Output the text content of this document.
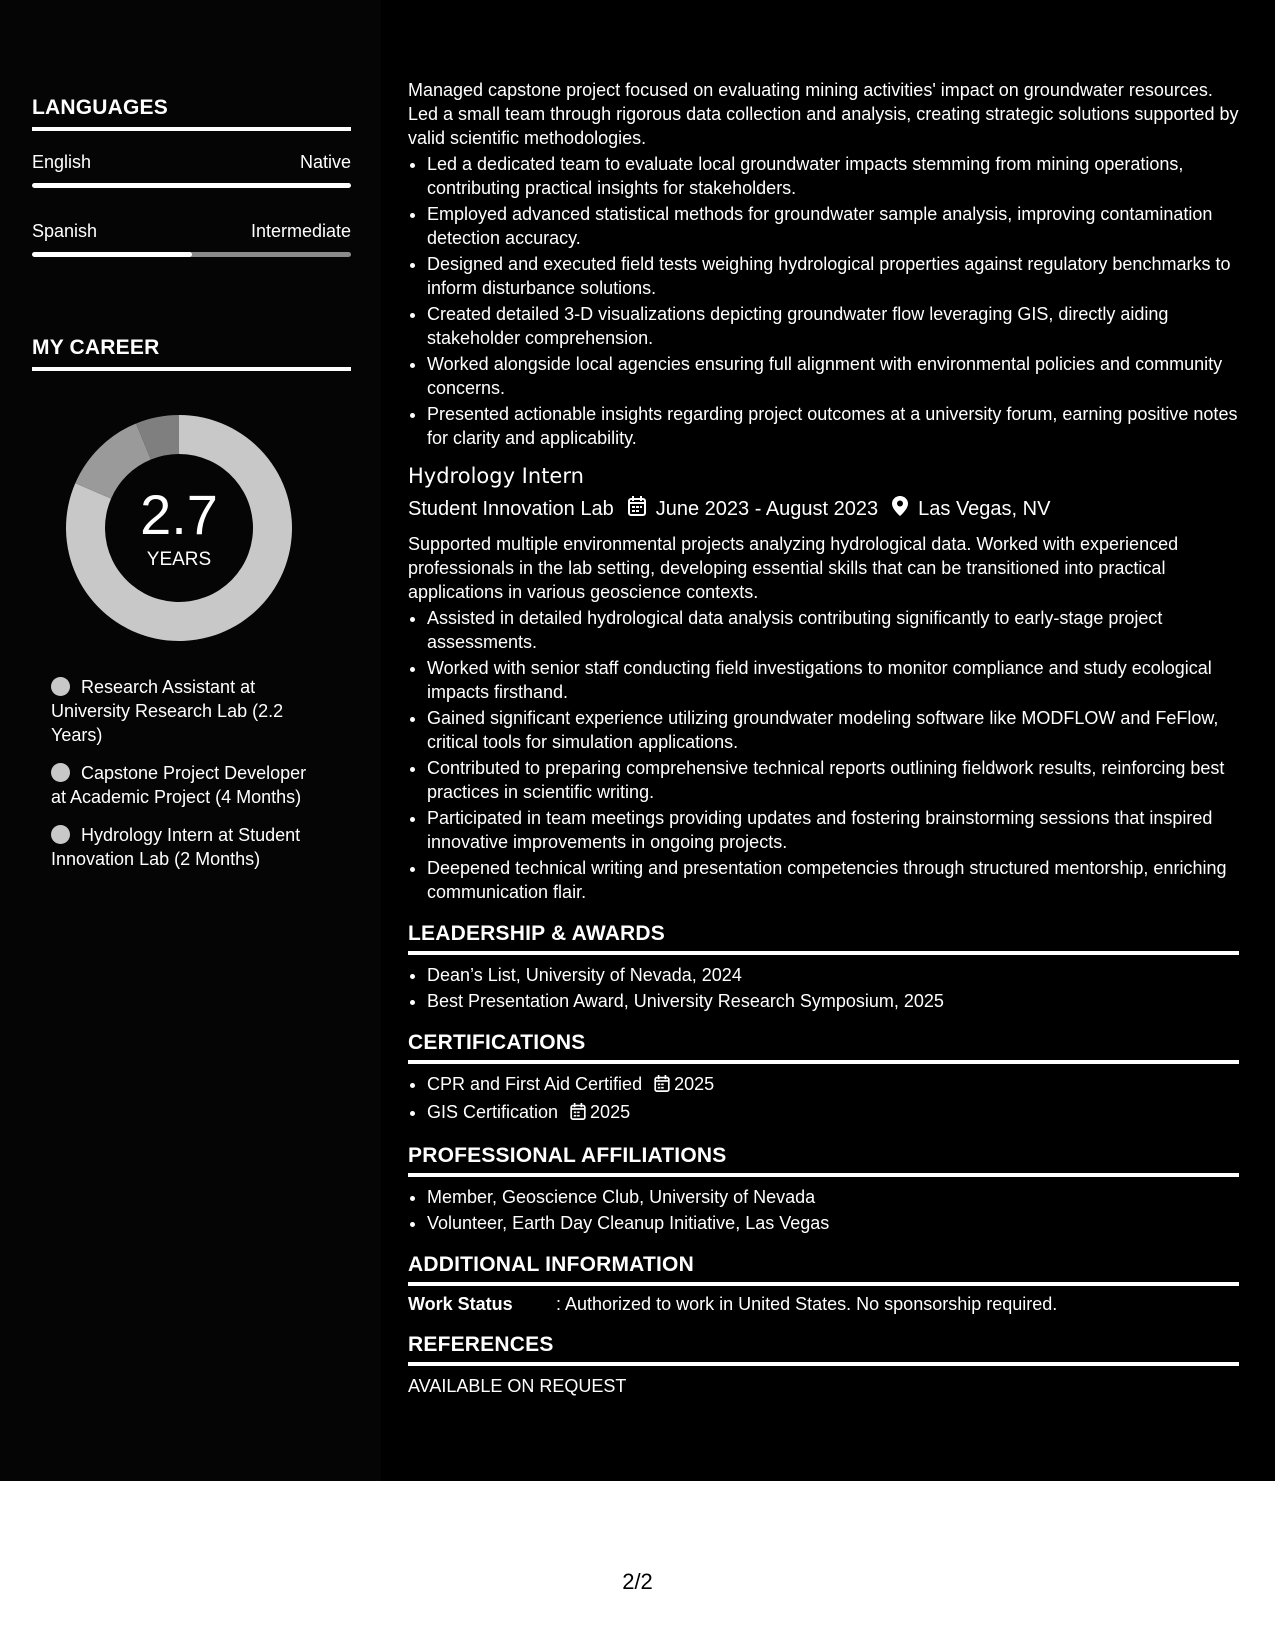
LANGUAGES
English	Native
Spanish	Intermediate
MY CAREER
2.7
YEARS
Research Assistant at University Research Lab (2.2 Years)
Capstone Project Developer at Academic Project (4 Months)
Hydrology Intern at Student Innovation Lab (2 Months)

Managed capstone project focused on evaluating mining activities' impact on groundwater resources. Led a small team through rigorous data collection and analysis, creating strategic solutions supported by valid scientific methodologies.

• Led a dedicated team to evaluate local groundwater impacts stemming from mining operations, contributing practical insights for stakeholders.
• Employed advanced statistical methods for groundwater sample analysis, improving contamination detection accuracy.
• Designed and executed field tests weighing hydrological properties against regulatory benchmarks to inform disturbance solutions.
• Created detailed 3-D visualizations depicting groundwater flow leveraging GIS, directly aiding stakeholder comprehension.
• Worked alongside local agencies ensuring full alignment with environmental policies and community concerns.
• Presented actionable insights regarding project outcomes at a university forum, earning positive notes for clarity and applicability.
Hydrology Intern
Student Innovation Lab June 2023 - August 2023 Las Vegas, NV

Supported multiple environmental projects analyzing hydrological data. Worked with experienced professionals in the lab setting, developing essential skills that can be transitioned into practical applications in various geoscience contexts.

• Assisted in detailed hydrological data analysis contributing significantly to early-stage project assessments.
• Worked with senior staff conducting field investigations to monitor compliance and study ecological impacts firsthand.
• Gained significant experience utilizing groundwater modeling software like MODFLOW and FeFlow, critical tools for simulation applications.
• Contributed to preparing comprehensive technical reports outlining fieldwork results, reinforcing best practices in scientific writing.
• Participated in team meetings providing updates and fostering brainstorming sessions that inspired innovative improvements in ongoing projects.
• Deepened technical writing and presentation competencies through structured mentorship, enriching communication flair.
LEADERSHIP & AWARDS
• Dean’s List, University of Nevada, 2024
• Best Presentation Award, University Research Symposium, 2025
CERTIFICATIONS
• CPR and First Aid Certified 2025
• GIS Certification 2025
PROFESSIONAL AFFILIATIONS
• Member, Geoscience Club, University of Nevada
• Volunteer, Earth Day Cleanup Initiative, Las Vegas
ADDITIONAL INFORMATION
Work Status : Authorized to work in United States. No sponsorship required.
REFERENCES
AVAILABLE ON REQUEST
2/2
